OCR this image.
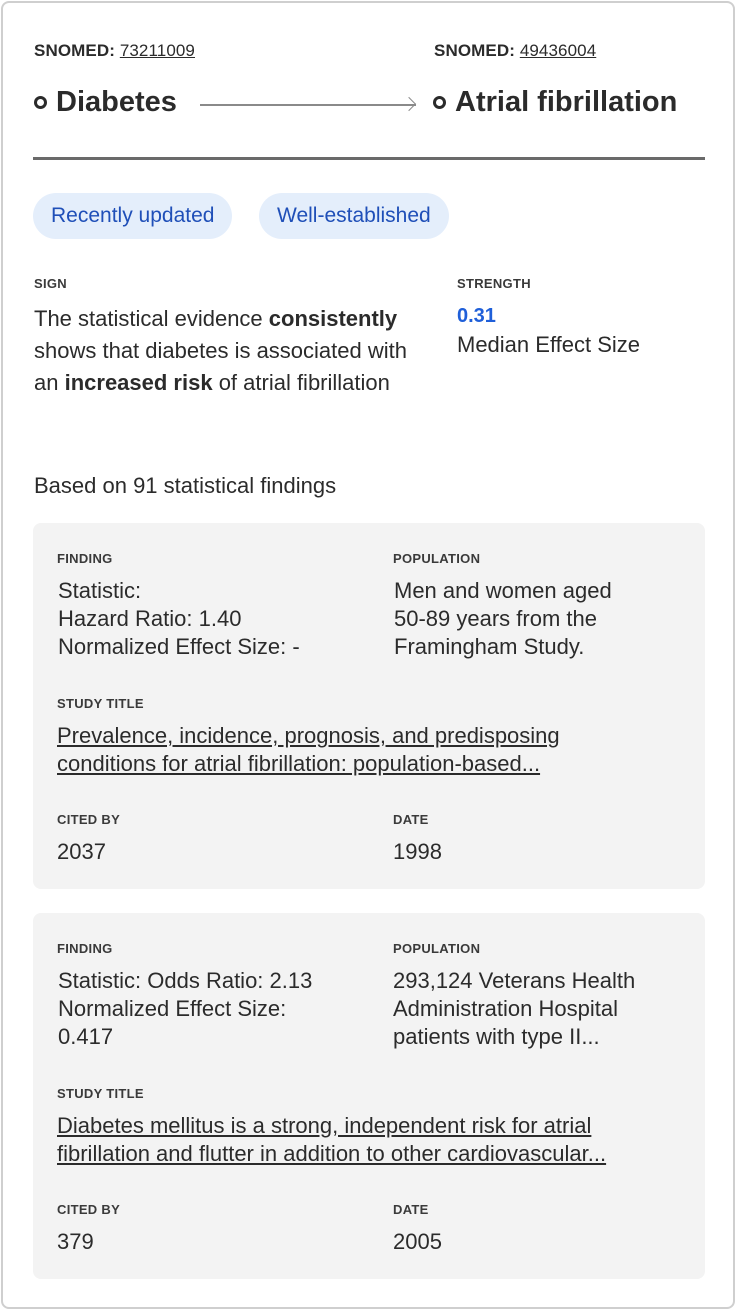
SNOMED: 73211009	SNOMED: 49436004
Diabetes	Atrial fibrillation
Recently updated	Well-established
SIGN
The statistical evidence consistently shows that diabetes is associated with an increased risk of atrial fibrillation
STRENGTH
0.31
Median Effect Size
Based on 91 statistical findings
FINDING
Statistic:
Hazard Ratio: 1.40
Normalized Effect Size: -
POPULATION
Men and women aged
50-89 years from the
Framingham Study.
STUDY TITLE
Prevalence, incidence, prognosis, and predisposing
conditions for atrial fibrillation: population-based...
CITED BY
2037
DATE
1998
FINDING
Statistic: Odds Ratio: 2.13
Normalized Effect Size:
0.417
POPULATION
293,124 Veterans Health
Administration Hospital
patients with type II...
STUDY TITLE
Diabetes mellitus is a strong, independent risk for atrial
fibrillation and flutter in addition to other cardiovascular...
CITED BY
379
DATE
2005
